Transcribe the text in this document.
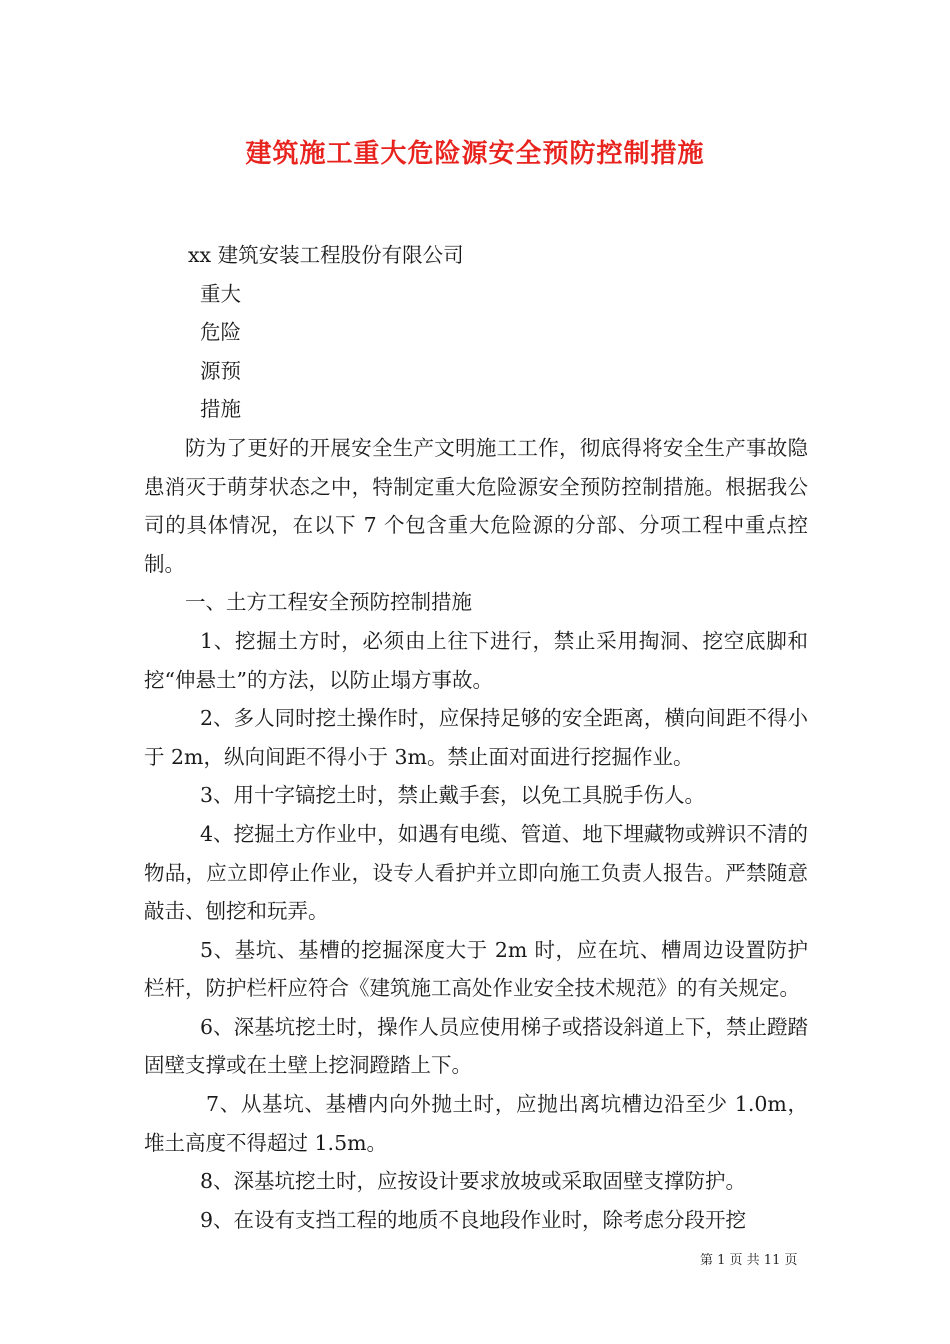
建筑施工重大危险源安全预防控制措施
xx 建筑安装工程股份有限公司
重大
危险
源预
措施
防为了更好的开展安全生产文明施工工作，彻底得将安全生产事故隐患消灭于萌芽状态之中，特制定重大危险源安全预防控制措施。根据我公司的具体情况，在以下 7 个包含重大危险源的分部、分项工程中重点控制。
一、土方工程安全预防控制措施
1、挖掘土方时，必须由上往下进行，禁止采用掏洞、挖空底脚和挖“伸悬土”的方法，以防止塌方事故。
2、多人同时挖土操作时，应保持足够的安全距离，横向间距不得小于 2m，纵向间距不得小于 3m。禁止面对面进行挖掘作业。
3、用十字镐挖土时，禁止戴手套，以免工具脱手伤人。
4、挖掘土方作业中，如遇有电缆、管道、地下埋藏物或辨识不清的物品，应立即停止作业，设专人看护并立即向施工负责人报告。严禁随意敲击、刨挖和玩弄。
5、基坑、基槽的挖掘深度大于 2m 时，应在坑、槽周边设置防护栏杆，防护栏杆应符合《建筑施工高处作业安全技术规范》的有关规定。
6、深基坑挖土时，操作人员应使用梯子或搭设斜道上下，禁止蹬踏固壁支撑或在土壁上挖洞蹬踏上下。
7、从基坑、基槽内向外抛土时，应抛出离坑槽边沿至少 1.0m，堆土高度不得超过 1.5m。
8、深基坑挖土时，应按设计要求放坡或采取固壁支撑防护。
9、在设有支挡工程的地质不良地段作业时，除考虑分段开挖
第 1 页 共 11 页
